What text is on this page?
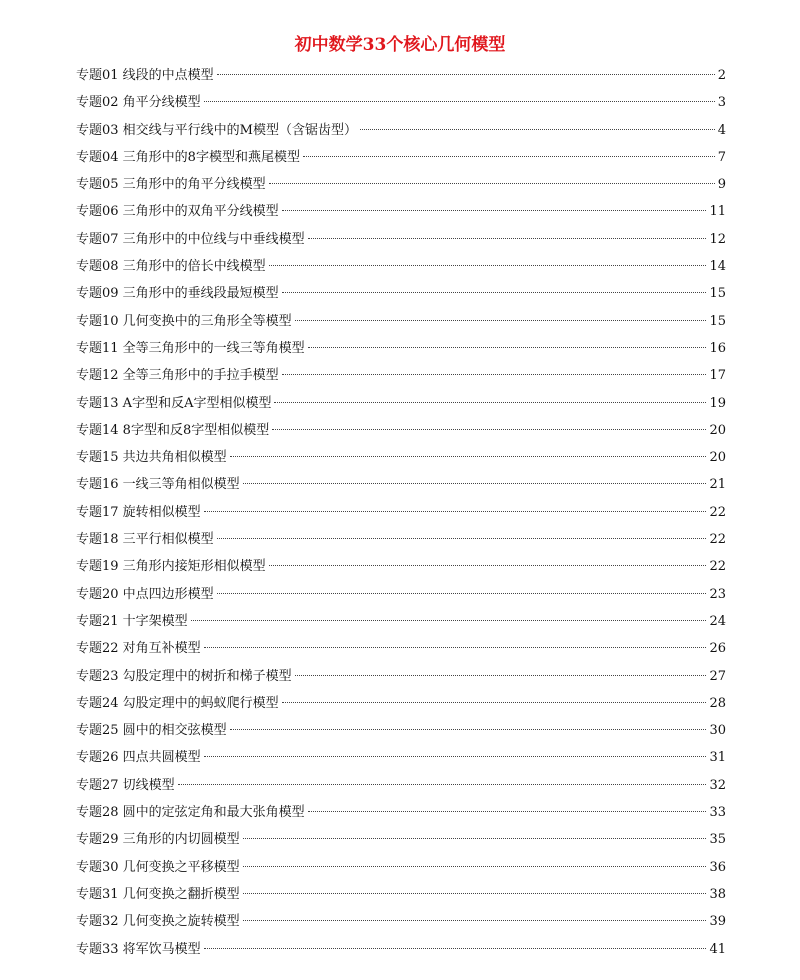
初中数学33个核心几何模型
专题01 线段的中点模型	2
专题02 角平分线模型	3
专题03 相交线与平行线中的M模型（含锯齿型）	4
专题04 三角形中的8字模型和燕尾模型	7
专题05 三角形中的角平分线模型	9
专题06 三角形中的双角平分线模型	11
专题07 三角形中的中位线与中垂线模型	12
专题08 三角形中的倍长中线模型	14
专题09 三角形中的垂线段最短模型	15
专题10 几何变换中的三角形全等模型	15
专题11 全等三角形中的一线三等角模型	16
专题12 全等三角形中的手拉手模型	17
专题13 A字型和反A字型相似模型	19
专题14 8字型和反8字型相似模型	20
专题15 共边共角相似模型	20
专题16 一线三等角相似模型	21
专题17 旋转相似模型	22
专题18 三平行相似模型	22
专题19 三角形内接矩形相似模型	22
专题20 中点四边形模型	23
专题21 十字架模型	24
专题22 对角互补模型	26
专题23 勾股定理中的树折和梯子模型	27
专题24 勾股定理中的蚂蚁爬行模型	28
专题25 圆中的相交弦模型	30
专题26 四点共圆模型	31
专题27 切线模型	32
专题28 圆中的定弦定角和最大张角模型	33
专题29 三角形的内切圆模型	35
专题30 几何变换之平移模型	36
专题31 几何变换之翻折模型	38
专题32 几何变换之旋转模型	39
专题33 将军饮马模型	41
